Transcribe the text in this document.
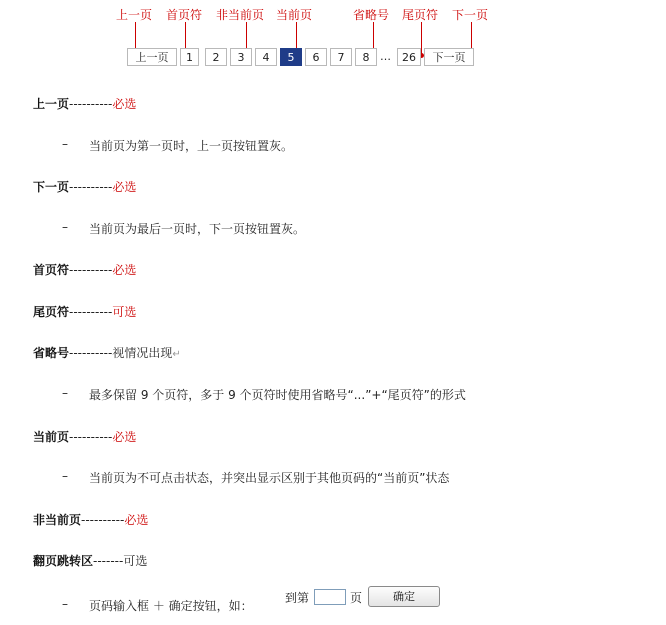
上一页 首页符 非当前页 当前页	省略号 尾页符 下一页
上一页	1	2	3	4	5	6	7	8 …	26	下一页
上一页----------必选
– 当前页为第一页时，上一页按钮置灰。
下一页----------必选
– 当前页为最后一页时，下一页按钮置灰。
首页符----------必选
尾页符----------可选
省略号----------视情况出现↵
– 最多保留 9 个页符，多于 9 个页符时使用省略号“...”+“尾页符”的形式
当前页----------必选
– 当前页为不可点击状态，并突出显示区别于其他页码的“当前页”状态
非当前页----------必选
翻页跳转区-------可选
– 页码输入框 ＋ 确定按钮，如：
到第	页	确定
